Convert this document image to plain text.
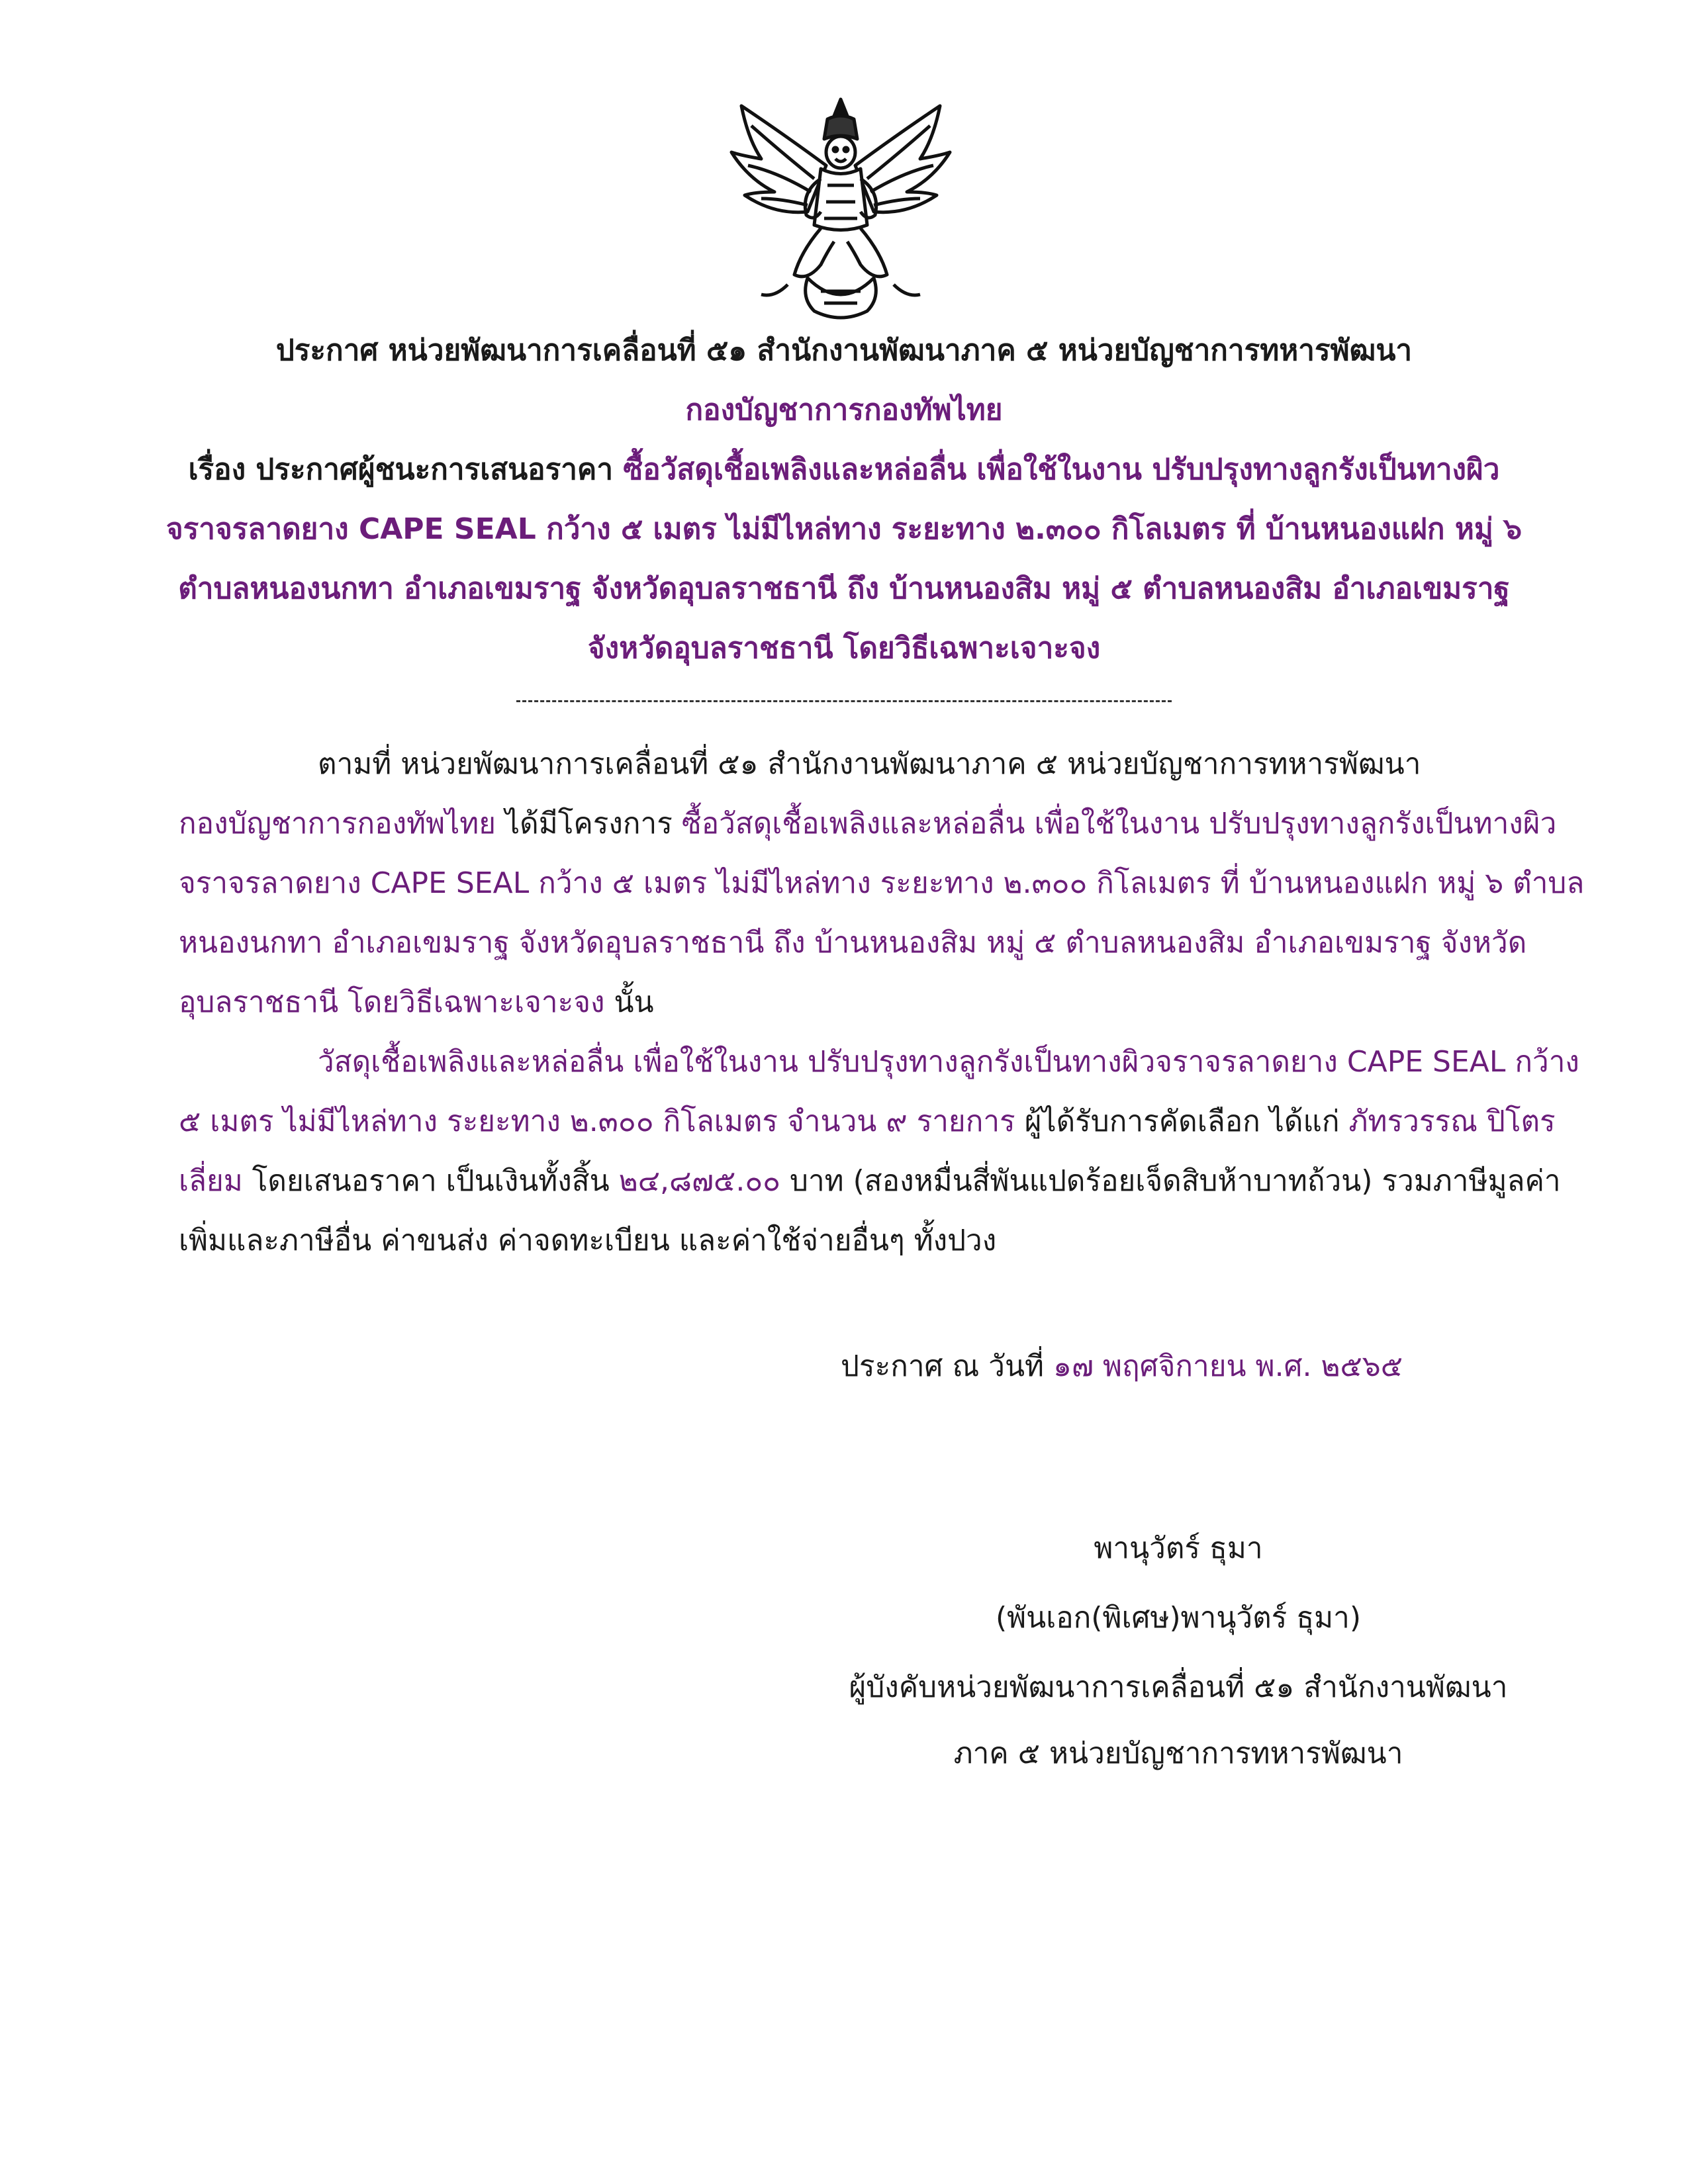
ประกาศ หน่วยพัฒนาการเคลื่อนที่ ๕๑ สำนักงานพัฒนาภาค ๕ หน่วยบัญชาการทหารพัฒนา
กองบัญชาการกองทัพไทย
เรื่อง ประกาศผู้ชนะการเสนอราคา ซื้อวัสดุเชื้อเพลิงและหล่อลื่น เพื่อใช้ในงาน ปรับปรุงทางลูกรังเป็นทางผิว
จราจรลาดยาง CAPE SEAL กว้าง ๕ เมตร ไม่มีไหล่ทาง ระยะทาง ๒.๓๐๐ กิโลเมตร ที่ บ้านหนองแฝก หมู่ ๖
ตำบลหนองนกทา อำเภอเขมราฐ จังหวัดอุบลราชธานี ถึง บ้านหนองสิม หมู่ ๕ ตำบลหนองสิม อำเภอเขมราฐ
จังหวัดอุบลราชธานี โดยวิธีเฉพาะเจาะจง
ตามที่ หน่วยพัฒนาการเคลื่อนที่ ๕๑ สำนักงานพัฒนาภาค ๕ หน่วยบัญชาการทหารพัฒนา
กองบัญชาการกองทัพไทย ได้มีโครงการ ซื้อวัสดุเชื้อเพลิงและหล่อลื่น เพื่อใช้ในงาน ปรับปรุงทางลูกรังเป็นทางผิว
จราจรลาดยาง CAPE SEAL กว้าง ๕ เมตร ไม่มีไหล่ทาง ระยะทาง ๒.๓๐๐ กิโลเมตร ที่ บ้านหนองแฝก หมู่ ๖ ตำบล
หนองนกทา อำเภอเขมราฐ จังหวัดอุบลราชธานี ถึง บ้านหนองสิม หมู่ ๕ ตำบลหนองสิม อำเภอเขมราฐ จังหวัด
อุบลราชธานี โดยวิธีเฉพาะเจาะจง นั้น
วัสดุเชื้อเพลิงและหล่อลื่น เพื่อใช้ในงาน ปรับปรุงทางลูกรังเป็นทางผิวจราจรลาดยาง CAPE SEAL กว้าง
๕ เมตร ไม่มีไหล่ทาง ระยะทาง ๒.๓๐๐ กิโลเมตร จำนวน ๙ รายการ ผู้ได้รับการคัดเลือก ได้แก่ ภัทรวรรณ ปิโตร
เลี่ยม โดยเสนอราคา เป็นเงินทั้งสิ้น ๒๔,๘๗๕.๐๐ บาท (สองหมื่นสี่พันแปดร้อยเจ็ดสิบห้าบาทถ้วน) รวมภาษีมูลค่า
เพิ่มและภาษีอื่น ค่าขนส่ง ค่าจดทะเบียน และค่าใช้จ่ายอื่นๆ ทั้งปวง
ประกาศ ณ วันที่ ๑๗ พฤศจิกายน พ.ศ. ๒๕๖๕
พานุวัตร์ ธุมา
(พันเอก(พิเศษ)พานุวัตร์ ธุมา)
ผู้บังคับหน่วยพัฒนาการเคลื่อนที่ ๕๑ สำนักงานพัฒนา
ภาค ๕ หน่วยบัญชาการทหารพัฒนา
